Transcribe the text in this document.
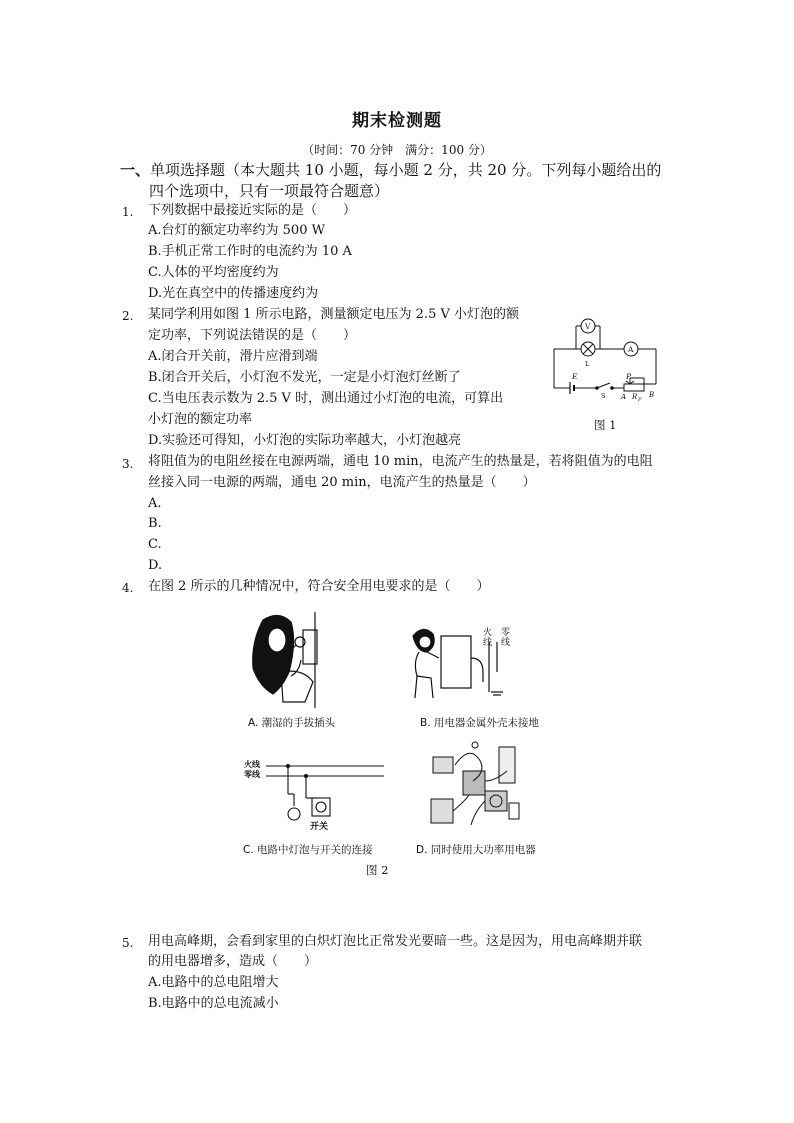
期末检测题
（时间：70 分钟　满分：100 分）
一、单项选择题（本大题共 10 小题，每小题 2 分，共 20 分。下列每小题给出的
四个选项中，只有一项最符合题意）
1. 下列数据中最接近实际的是（　　）
A.台灯的额定功率约为 500 W
B.手机正常工作时的电流约为 10 A
C.人体的平均密度约为
D.光在真空中的传播速度约为
2. 某同学利用如图 1 所示电路，测量额定电压为 2.5 V 小灯泡的额
定功率，下列说法错误的是（　　）
A.闭合开关前，滑片应滑到端
B.闭合开关后，小灯泡不发光，一定是小灯泡灯丝断了
C.当电压表示数为 2.5 V 时，测出通过小灯泡的电流，可算出
小灯泡的额定功率
D.实验还可得知，小灯泡的实际功率越大，小灯泡越亮
V
A
L
E
S
P
A R P
B
图 1
3. 将阻值为的电阻丝接在电源两端，通电 10 min，电流产生的热量是，若将阻值为的电阻
丝接入同一电源的两端，通电 20 min，电流产生的热量是（　　）
A.
B.
C.
D.
4. 在图 2 所示的几种情况中，符合安全用电要求的是（　　）
A. 潮湿的手拔插头
火　 零
线　 线
B. 用电器金属外壳未接地
火线
零线
开关
C. 电路中灯泡与开关的连接	D. 同时使用大功率用电器
图 2
5. 用电高峰期，会看到家里的白炽灯泡比正常发光要暗一些。这是因为，用电高峰期并联
的用电器增多，造成（　　）
A.电路中的总电阻增大
B.电路中的总电流减小
